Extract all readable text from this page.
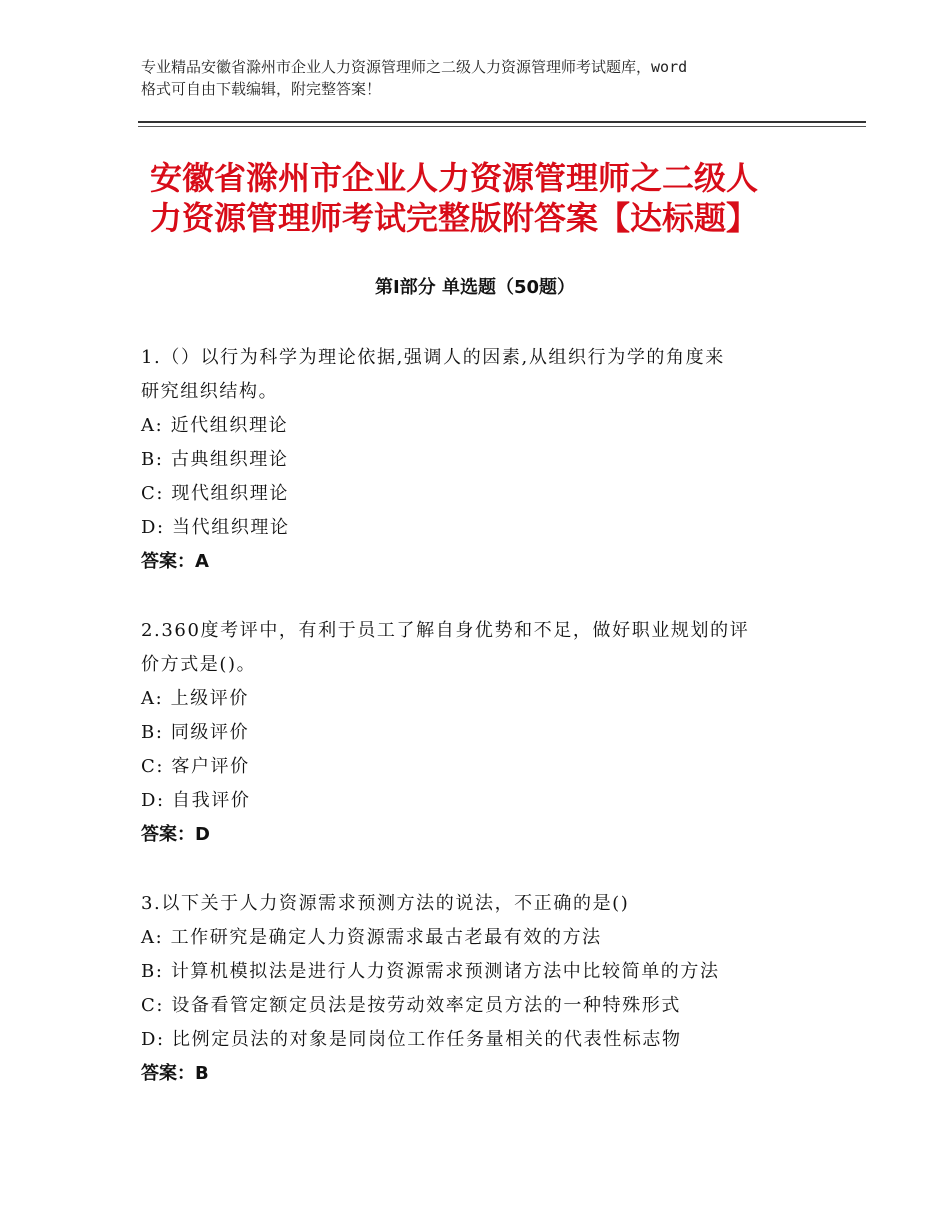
专业精品安徽省滁州市企业人力资源管理师之二级人力资源管理师考试题库，word
格式可自由下载编辑，附完整答案！
安徽省滁州市企业人力资源管理师之二级人
力资源管理师考试完整版附答案【达标题】
第Ⅰ部分 单选题（50题）
1.（）以行为科学为理论依据,强调人的因素,从组织行为学的角度来
研究组织结构。
A: 近代组织理论
B: 古典组织理论
C: 现代组织理论
D: 当代组织理论
答案：A
2.360度考评中，有利于员工了解自身优势和不足，做好职业规划的评
价方式是()。
A: 上级评价
B: 同级评价
C: 客户评价
D: 自我评价
答案：D
3.以下关于人力资源需求预测方法的说法，不正确的是()
A: 工作研究是确定人力资源需求最古老最有效的方法
B: 计算机模拟法是进行人力资源需求预测诸方法中比较简单的方法
C: 设备看管定额定员法是按劳动效率定员方法的一种特殊形式
D: 比例定员法的对象是同岗位工作任务量相关的代表性标志物
答案：B
